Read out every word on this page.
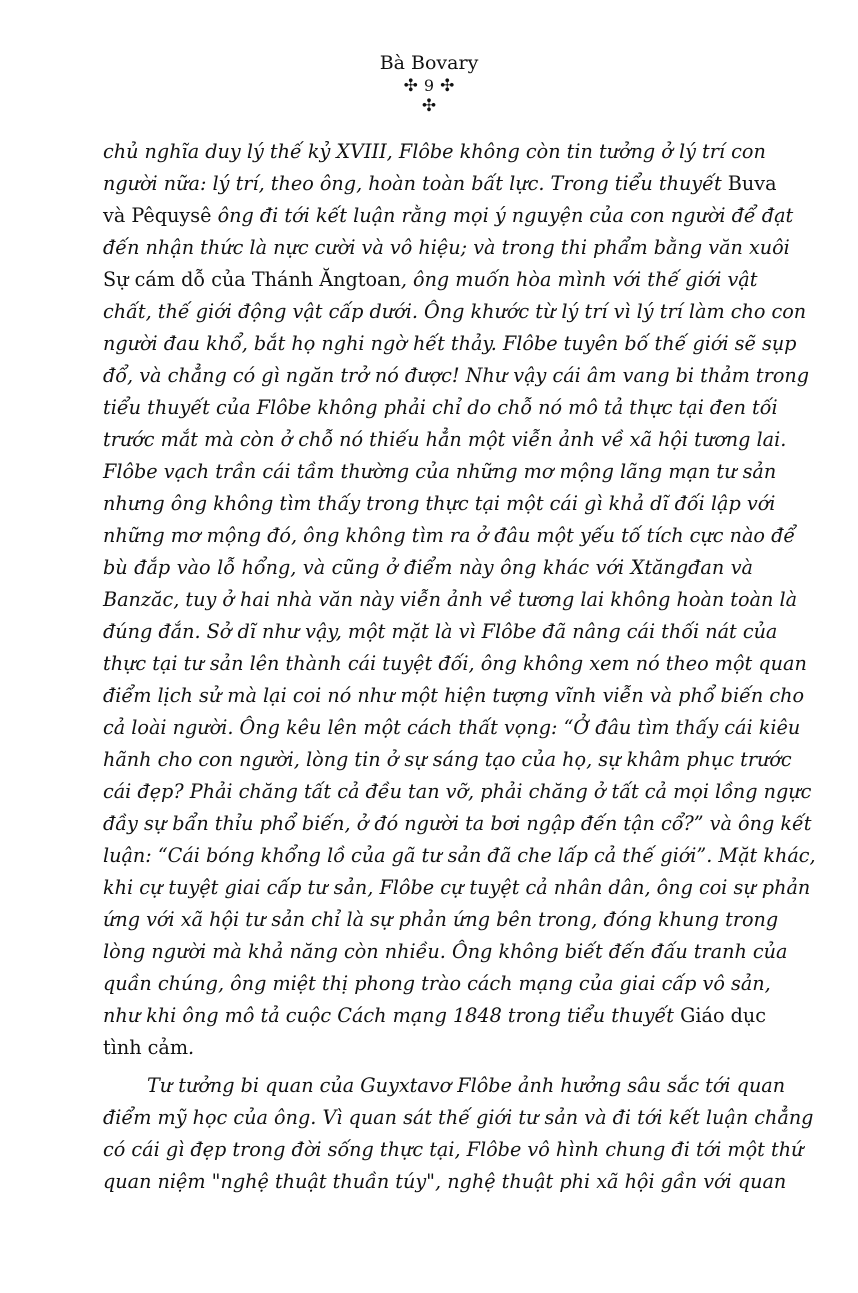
Bà Bovary
✣ 9 ✣
✣
chủ nghĩa duy lý thế kỷ XVIII, Flôbe không còn tin tưởng ở lý trí con
người nữa: lý trí, theo ông, hoàn toàn bất lực. Trong tiểu thuyết Buva
và Pêquysê ông đi tới kết luận rằng mọi ý nguyện của con người để đạt
đến nhận thức là nực cười và vô hiệu; và trong thi phẩm bằng văn xuôi
Sự cám dỗ của Thánh Ăngtoan, ông muốn hòa mình với thế giới vật
chất, thế giới động vật cấp dưới. Ông khước từ lý trí vì lý trí làm cho con
người đau khổ, bắt họ nghi ngờ hết thảy. Flôbe tuyên bố thế giới sẽ sụp
đổ, và chẳng có gì ngăn trở nó được! Như vậy cái âm vang bi thảm trong
tiểu thuyết của Flôbe không phải chỉ do chỗ nó mô tả thực tại đen tối
trước mắt mà còn ở chỗ nó thiếu hẳn một viễn ảnh về xã hội tương lai.
Flôbe vạch trần cái tầm thường của những mơ mộng lãng mạn tư sản
nhưng ông không tìm thấy trong thực tại một cái gì khả dĩ đối lập với
những mơ mộng đó, ông không tìm ra ở đâu một yếu tố tích cực nào để
bù đắp vào lỗ hổng, và cũng ở điểm này ông khác với Xtăngđan và
Banzăc, tuy ở hai nhà văn này viễn ảnh về tương lai không hoàn toàn là
đúng đắn. Sở dĩ như vậy, một mặt là vì Flôbe đã nâng cái thối nát của
thực tại tư sản lên thành cái tuyệt đối, ông không xem nó theo một quan
điểm lịch sử mà lại coi nó như một hiện tượng vĩnh viễn và phổ biến cho
cả loài người. Ông kêu lên một cách thất vọng: “Ở đâu tìm thấy cái kiêu
hãnh cho con người, lòng tin ở sự sáng tạo của họ, sự khâm phục trước
cái đẹp? Phải chăng tất cả đều tan vỡ, phải chăng ở tất cả mọi lồng ngực
đầy sự bẩn thỉu phổ biến, ở đó người ta bơi ngập đến tận cổ?” và ông kết
luận: “Cái bóng khổng lồ của gã tư sản đã che lấp cả thế giới”. Mặt khác,
khi cự tuyệt giai cấp tư sản, Flôbe cự tuyệt cả nhân dân, ông coi sự phản
ứng với xã hội tư sản chỉ là sự phản ứng bên trong, đóng khung trong
lòng người mà khả năng còn nhiều. Ông không biết đến đấu tranh của
quần chúng, ông miệt thị phong trào cách mạng của giai cấp vô sản,
như khi ông mô tả cuộc Cách mạng 1848 trong tiểu thuyết Giáo dục
tình cảm.
Tư tưởng bi quan của Guyxtavơ Flôbe ảnh hưởng sâu sắc tới quan
điểm mỹ học của ông. Vì quan sát thế giới tư sản và đi tới kết luận chẳng
có cái gì đẹp trong đời sống thực tại, Flôbe vô hình chung đi tới một thứ
quan niệm "nghệ thuật thuần túy", nghệ thuật phi xã hội gần với quan
